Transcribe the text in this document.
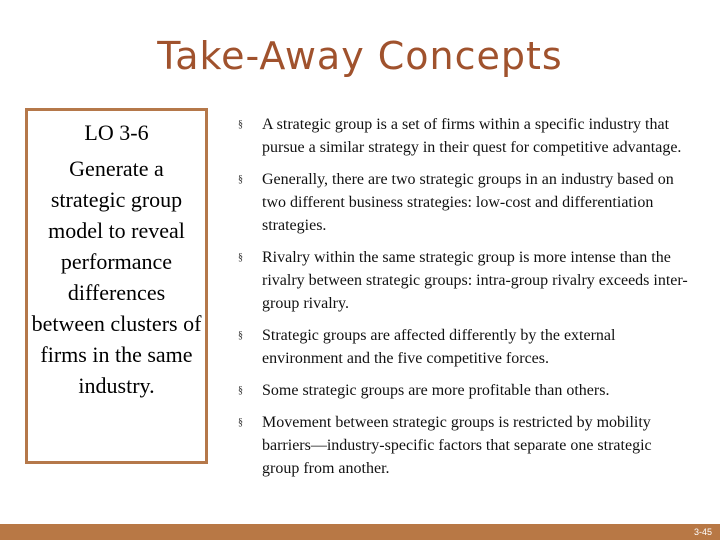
Take-Away Concepts
LO 3-6
Generate a strategic group model to reveal performance differences between clusters of firms in the same industry.
§ A strategic group is a set of firms within a specific industry that pursue a similar strategy in their quest for competitive advantage.
§ Generally, there are two strategic groups in an industry based on two different business strategies: low-cost and differentiation strategies.
§ Rivalry within the same strategic group is more intense than the rivalry between strategic groups: intra-group rivalry exceeds inter-group rivalry.
§ Strategic groups are affected differently by the external environment and the five competitive forces.
§ Some strategic groups are more profitable than others.
§ Movement between strategic groups is restricted by mobility barriers—industry-specific factors that separate one strategic group from another.
3-45
